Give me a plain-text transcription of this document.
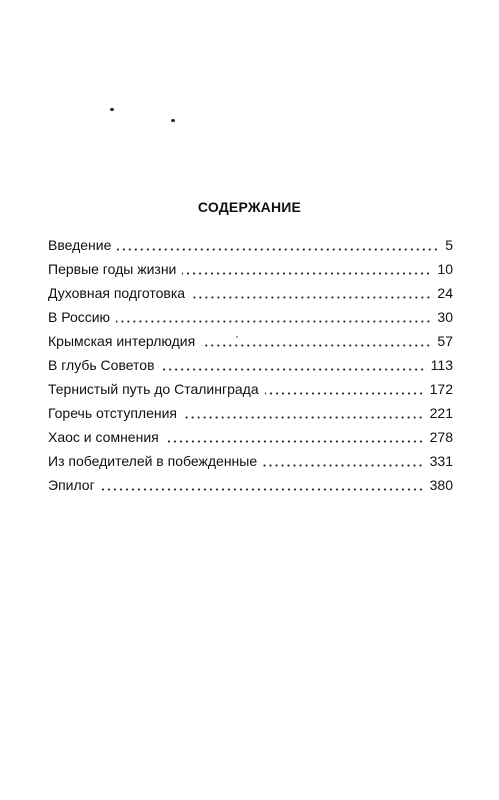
СОДЕРЖАНИЕ
Введение	5
Первые годы жизни	10
Духовная подготовка	24
В Россию	30
Крымская интерлюдия	57
В глубь Советов	113
Тернистый путь до Сталинграда	172
Горечь отступления	221
Хаос и сомнения	278
Из победителей в побежденные	331
Эпилог	380
